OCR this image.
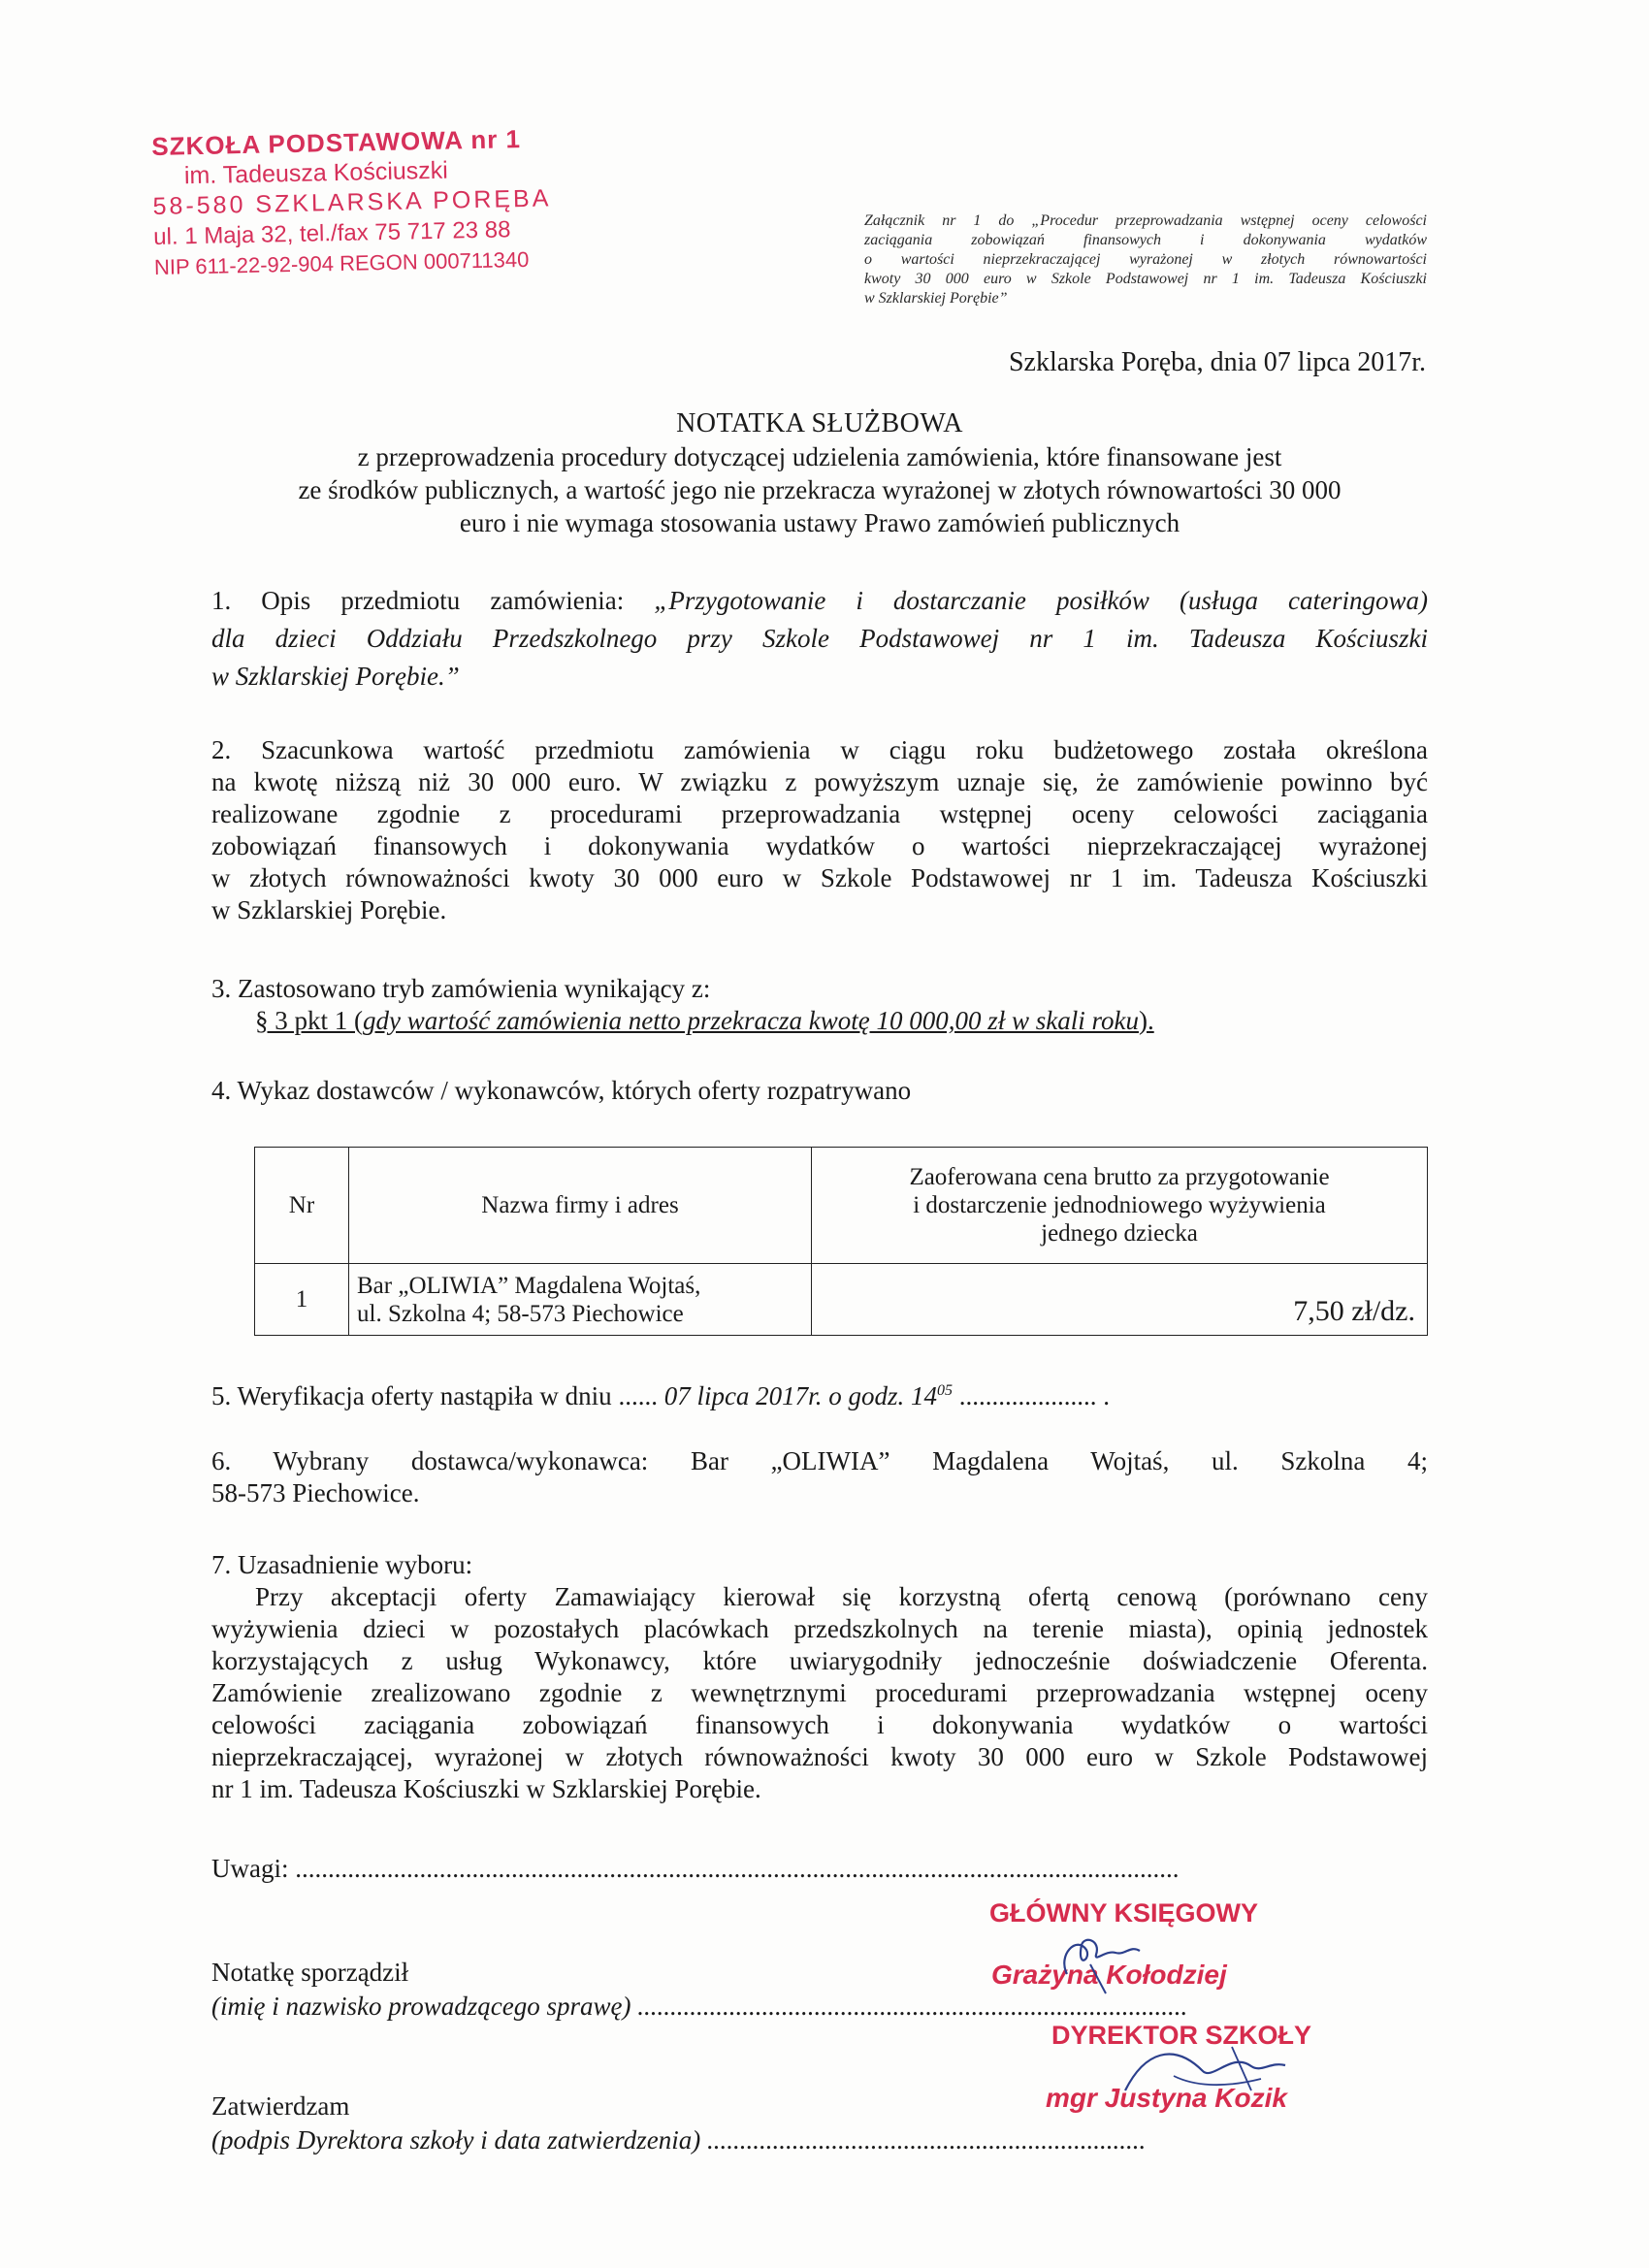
SZKOŁA PODSTAWOWA nr 1
im. Tadeusza Kościuszki
58-580 SZKLARSKA PORĘBA
ul. 1 Maja 32, tel./fax 75 717 23 88
NIP 611-22-92-904 REGON 000711340
Załącznik nr 1 do „Procedur przeprowadzania wstępnej oceny celowości
zaciągania zobowiązań finansowych i dokonywania wydatków
o wartości nieprzekraczającej wyrażonej w złotych równowartości
kwoty 30 000 euro w Szkole Podstawowej nr 1 im. Tadeusza Kościuszki
w Szklarskiej Porębie”
Szklarska Poręba, dnia 07 lipca 2017r.
NOTATKA SŁUŻBOWA
z przeprowadzenia procedury dotyczącej udzielenia zamówienia, które finansowane jest
ze środków publicznych, a wartość jego nie przekracza wyrażonej w złotych równowartości 30 000
euro i nie wymaga stosowania ustawy Prawo zamówień publicznych
1. Opis przedmiotu zamówienia: „Przygotowanie i dostarczanie posiłków (usługa cateringowa)
dla dzieci Oddziału Przedszkolnego przy Szkole Podstawowej nr 1 im. Tadeusza Kościuszki
w Szklarskiej Porębie.”
2. Szacunkowa wartość przedmiotu zamówienia w ciągu roku budżetowego została określona
na kwotę niższą niż 30 000 euro. W związku z powyższym uznaje się, że zamówienie powinno być
realizowane zgodnie z procedurami przeprowadzania wstępnej oceny celowości zaciągania
zobowiązań finansowych i dokonywania wydatków o wartości nieprzekraczającej wyrażonej
w złotych równoważności kwoty 30 000 euro w Szkole Podstawowej nr 1 im. Tadeusza Kościuszki
w Szklarskiej Porębie.
3. Zastosowano tryb zamówienia wynikający z:
§ 3 pkt 1 (gdy wartość zamówienia netto przekracza kwotę 10 000,00 zł w skali roku).
4. Wykaz dostawców / wykonawców, których oferty rozpatrywano
Nr	Nazwa firmy i adres	Zaoferowana cena brutto za przygotowanie
i dostarczenie jednodniowego wyżywienia
jednego dziecka

1	Bar „OLIWIA” Magdalena Wojtaś,
ul. Szkolna 4; 58-573 Piechowice	7,50 zł/dz.
5. Weryfikacja oferty nastąpiła w dniu ...... 07 lipca 2017r. o godz. $14^{05}$ ..................... .
6. Wybrany dostawca/wykonawca: Bar „OLIWIA” Magdalena Wojtaś, ul. Szkolna 4;
58-573 Piechowice.
7. Uzasadnienie wyboru:
Przy akceptacji oferty Zamawiający kierował się korzystną ofertą cenową (porównano ceny
wyżywienia dzieci w pozostałych placówkach przedszkolnych na terenie miasta), opinią jednostek
korzystających z usług Wykonawcy, które uwiarygodniły jednocześnie doświadczenie Oferenta.
Zamówienie zrealizowano zgodnie z wewnętrznymi procedurami przeprowadzania wstępnej oceny
celowości zaciągania zobowiązań finansowych i dokonywania wydatków o wartości
nieprzekraczającej, wyrażonej w złotych równoważności kwoty 30 000 euro w Szkole Podstawowej
nr 1 im. Tadeusza Kościuszki w Szklarskiej Porębie.
Uwagi: .......................................................................................................................................
Notatkę sporządził
(imię i nazwisko prowadzącego sprawę) ....................................................................................
Zatwierdzam
(podpis Dyrektora szkoły i data zatwierdzenia) ...................................................................
GŁÓWNY KSIĘGOWY
Grażyna Kołodziej
DYREKTOR SZKOŁY
mgr Justyna Kozik
